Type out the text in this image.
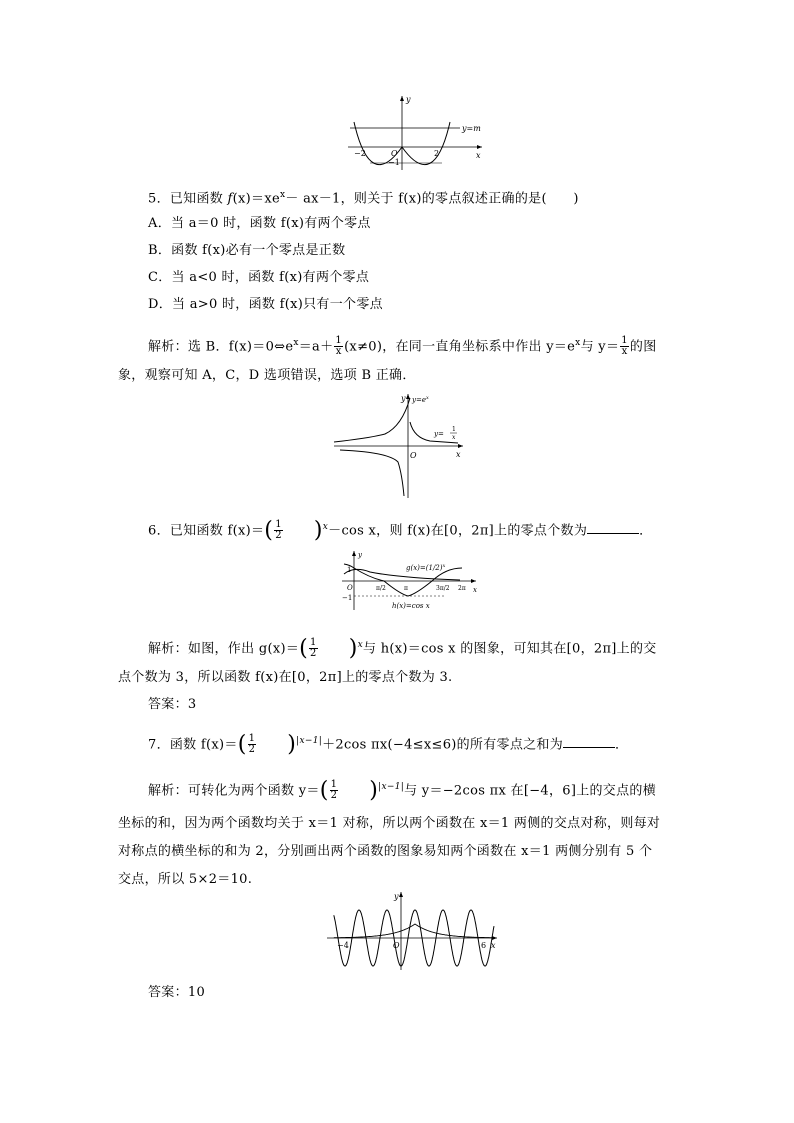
y
x
y=m
−2	O	2
−1
5．已知函数 $f(x)=xe^x- ax-1$，则关于 f(x)的零点叙述正确的是(　　)
A．当 a＝0 时，函数 f(x)有两个零点
B．函数 f(x)必有一个零点是正数
C．当 a<0 时，函数 f(x)有两个零点
D．当 a>0 时，函数 f(x)只有一个零点
解析：选 B．$f(x)=0\Leftrightarrow e^x=a+ \frac{1}{x} (x\ne 0)$，在同一直角坐标系中作出 $y=e^x$与 $y= \frac{1}{x}$ 的图
象，观察可知 A，C，D 选项错误，选项 B 正确．
y
x
O
$y=e^x$
y=
1
x
6．已知函数 $f(x)=( \frac{1}{2} )^x-\cos$ x，则 f(x)在[0，2π]上的零点个数为	．
y
x
$g(x)=(1/2)^x$
h(x)=cos x
O
1
−1
π/2	π	3π/2 2π
解析：如图，作出 $g(x)=( \frac{1}{2} )^x$与 h(x)＝cos x 的图象，可知其在[0，2π]上的交
点个数为 3，所以函数 f(x)在[0，2π]上的零点个数为 3.
答案：3
7．函数 $f(x)=( \frac{1}{2} )^{|x-1|}+2\cos$ πx(−4≤x≤6)的所有零点之和为	．
解析：可转化为两个函数 $y=( \frac{1}{2} )^{|x-1|}$与 y＝−2cos πx 在[−4，6]上的交点的横
坐标的和，因为两个函数均关于 x＝1 对称，所以两个函数在 x＝1 两侧的交点对称，则每对
对称点的横坐标的和为 2，分别画出两个函数的图象易知两个函数在 x＝1 两侧分别有 5 个
交点，所以 5×2＝10.
y
x
−4	6
O
答案：10
